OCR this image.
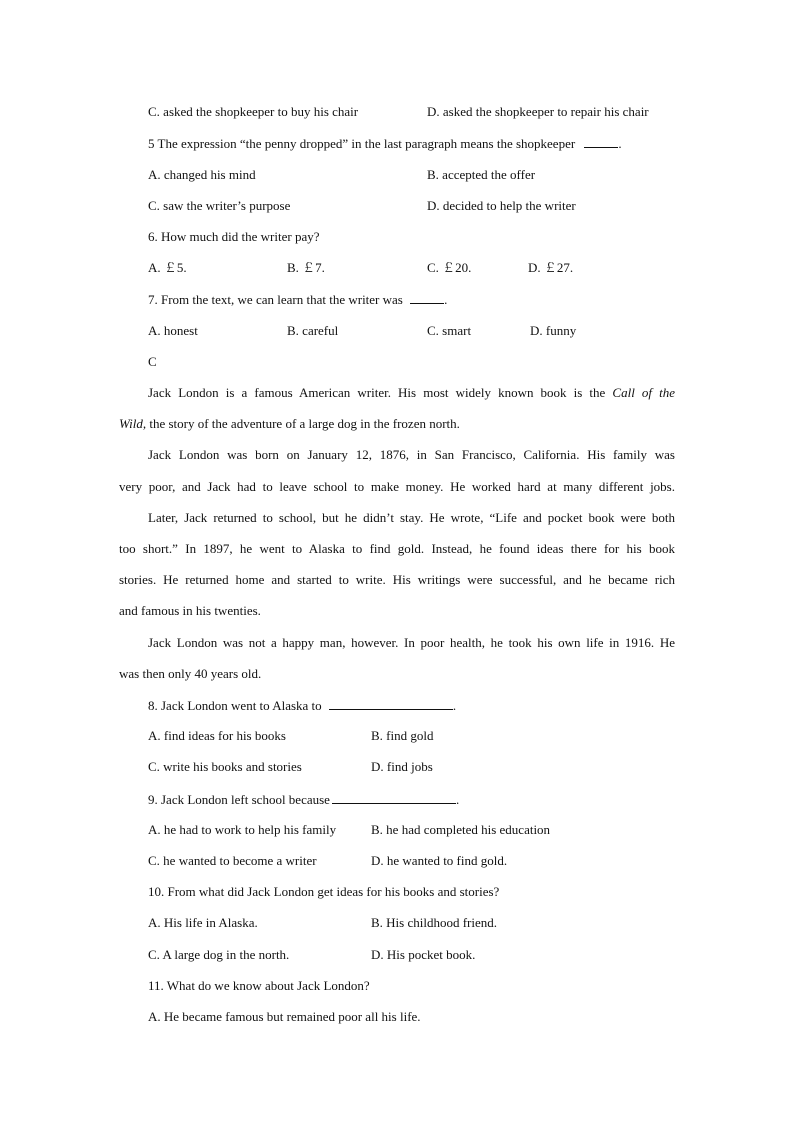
C. asked the shopkeeper to buy his chair	D. asked the shopkeeper to repair his chair
5 The expression “the penny dropped” in the last paragraph means the shopkeeper	.
A. changed his mind	B. accepted the offer
C. saw the writer’s purpose	D. decided to help the writer
6. How much did the writer pay?
A. ￡5.	B. ￡7.	C. ￡20.	D. ￡27.
7. From the text, we can learn that the writer was	.
A. honest	B. careful	C. smart	D. funny
C
Jack London is a famous American writer. His most widely known book is the Call of the
Wild, the story of the adventure of a large dog in the frozen north.
Jack London was born on January 12, 1876, in San Francisco, California. His family was
very poor, and Jack had to leave school to make money. He worked hard at many different jobs.
Later, Jack returned to school, but he didn’t stay. He wrote, “Life and pocket book were both
too short.” In 1897, he went to Alaska to find gold. Instead, he found ideas there for his book
stories. He returned home and started to write. His writings were successful, and he became rich
and famous in his twenties.
Jack London was not a happy man, however. In poor health, he took his own life in 1916. He
was then only 40 years old.
8. Jack London went to Alaska to	.
A. find ideas for his books	B. find gold
C. write his books and stories	D. find jobs
9. Jack London left school because	.
A. he had to work to help his family	B. he had completed his education
C. he wanted to become a writer	D. he wanted to find gold.
10. From what did Jack London get ideas for his books and stories?
A. His life in Alaska.	B. His childhood friend.
C. A large dog in the north.	D. His pocket book.
11. What do we know about Jack London?
A. He became famous but remained poor all his life.
